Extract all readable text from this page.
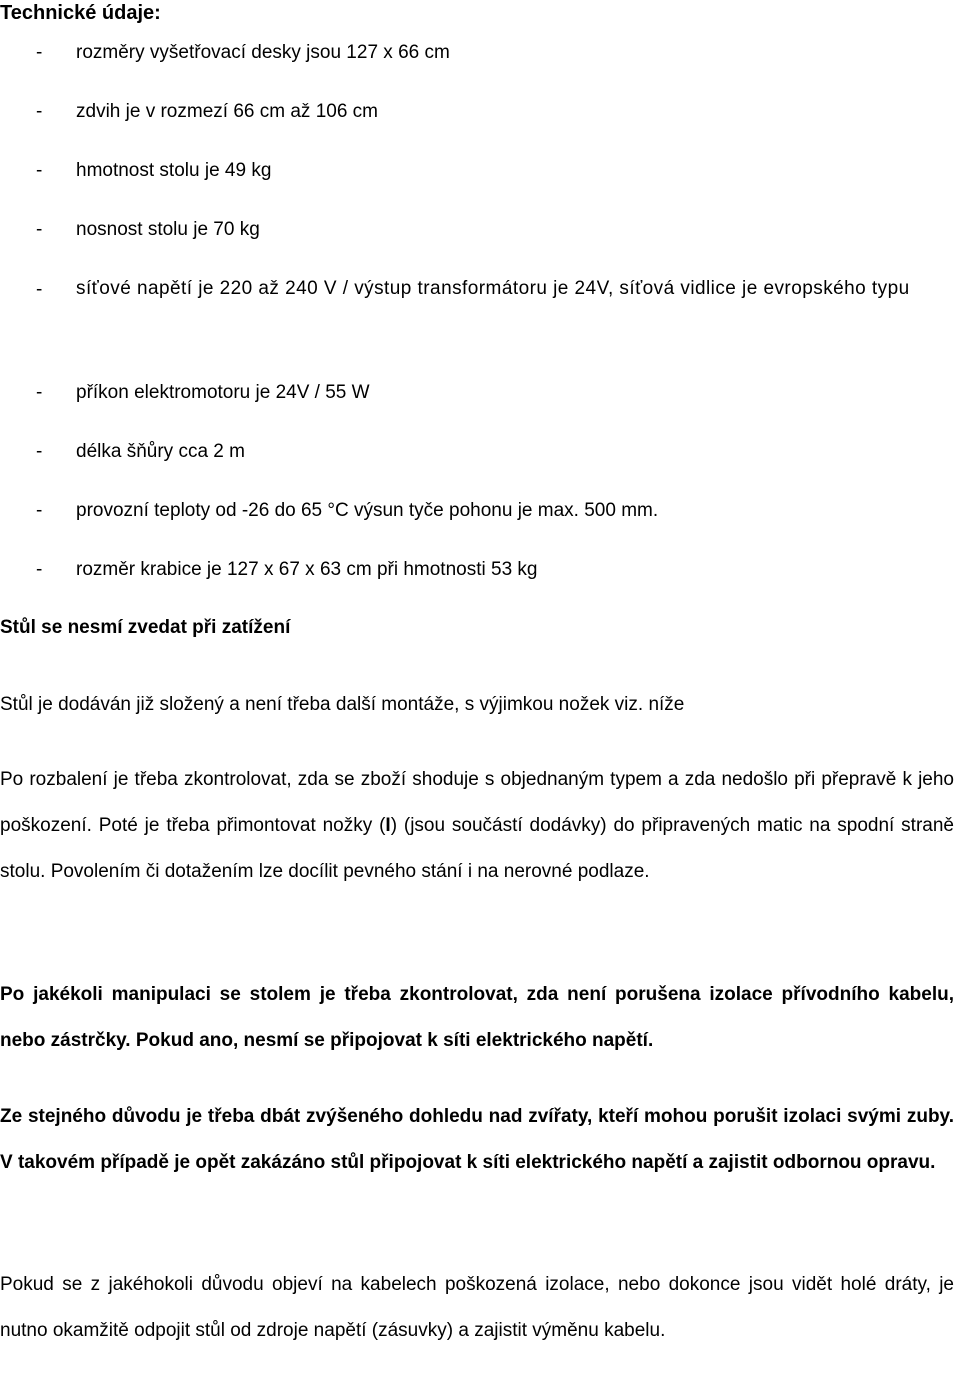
Technické údaje:
- rozměry vyšetřovací desky jsou 127 x 66 cm
- zdvih je v rozmezí 66 cm až 106 cm
- hmotnost stolu je 49 kg
- nosnost stolu je 70 kg
- síťové napětí je 220 až 240 V / výstup transformátoru je 24V, síťová vidlice je evropského typu
- příkon elektromotoru je 24V / 55 W
- délka šňůry cca 2 m
- provozní teploty od -26 do 65 °C výsun tyče pohonu je max. 500 mm.
- rozměr krabice je 127 x 67 x 63 cm při hmotnosti 53 kg

Stůl se nesmí zvedat při zatížení

Stůl je dodáván již složený a není třeba další montáže, s výjimkou nožek viz. níže

Po rozbalení je třeba zkontrolovat, zda se zboží shoduje s objednaným typem a zda nedošlo při přepravě k jeho poškození. Poté je třeba přimontovat nožky (I) (jsou součástí dodávky) do připravených matic na spodní straně stolu. Povolením či dotažením lze docílit pevného stání i na nerovné podlaze.

Po jakékoli manipulaci se stolem je třeba zkontrolovat, zda není porušena izolace přívodního kabelu, nebo zástrčky. Pokud ano, nesmí se připojovat k síti elektrického napětí.

Ze stejného důvodu je třeba dbát zvýšeného dohledu nad zvířaty, kteří mohou porušit izolaci svými zuby. V takovém případě je opět zakázáno stůl připojovat k síti elektrického napětí a zajistit odbornou opravu.

Pokud se z jakéhokoli důvodu objeví na kabelech poškozená izolace, nebo dokonce jsou vidět holé dráty, je nutno okamžitě odpojit stůl od zdroje napětí (zásuvky) a zajistit výměnu kabelu.
